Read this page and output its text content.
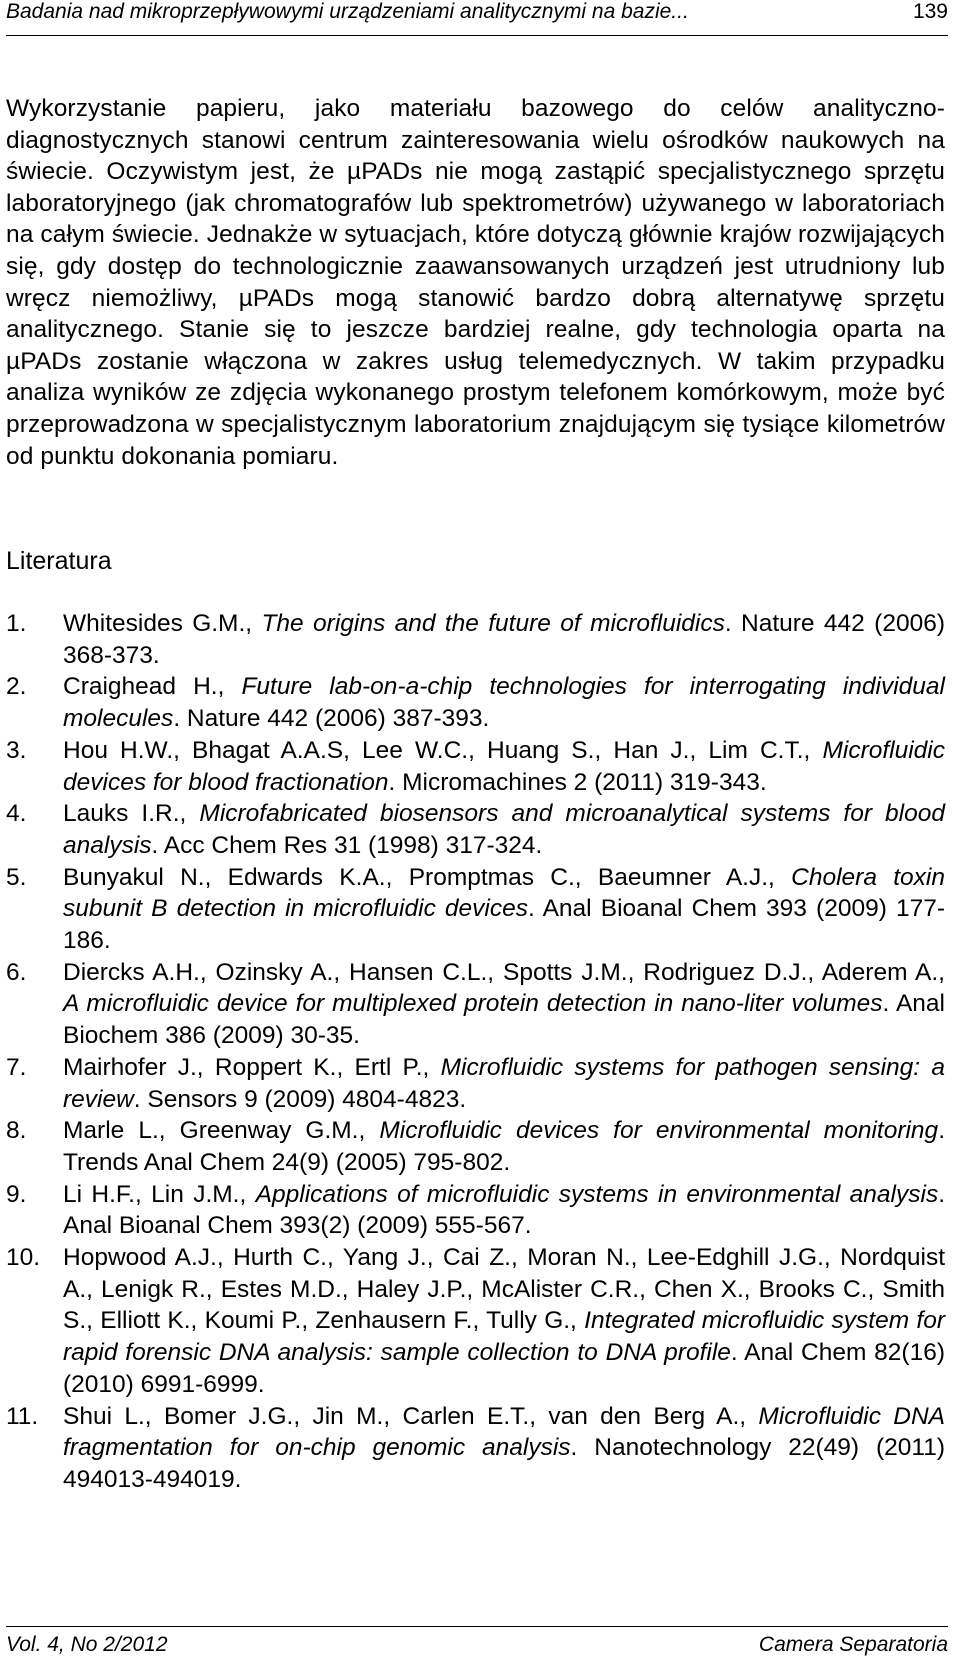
Badania nad mikroprzepływowymi urządzeniami analitycznymi na bazie...	139

Wykorzystanie papieru, jako materiału bazowego do celów analityczno-diagnostycznych stanowi centrum zainteresowania wielu ośrodków naukowych na świecie. Oczywistym jest, że µPADs nie mogą zastąpić specjalistycznego sprzętu laboratoryjnego (jak chromatografów lub spektrometrów) używanego w laboratoriach na całym świecie. Jednakże w sytuacjach, które dotyczą głównie krajów rozwijających się, gdy dostęp do technologicznie zaawansowanych urządzeń jest utrudniony lub wręcz niemożliwy, µPADs mogą stanowić bardzo dobrą alternatywę sprzętu analitycznego. Stanie się to jeszcze bardziej realne, gdy technologia oparta na µPADs zostanie włączona w zakres usług telemedycznych. W takim przypadku analiza wyników ze zdjęcia wykonanego prostym telefonem komórkowym, może być przeprowadzona w specjalistycznym laboratorium znajdującym się tysiące kilometrów od punktu dokonania pomiaru.

Literatura
1. Whitesides G.M., The origins and the future of microfluidics. Nature 442 (2006) 368-373.
2. Craighead H., Future lab-on-a-chip technologies for interrogating individual molecules. Nature 442 (2006) 387-393.
3. Hou H.W., Bhagat A.A.S, Lee W.C., Huang S., Han J., Lim C.T., Microfluidic devices for blood fractionation. Micromachines 2 (2011) 319-343.
4. Lauks I.R., Microfabricated biosensors and microanalytical systems for blood analysis. Acc Chem Res 31 (1998) 317-324.
5. Bunyakul N., Edwards K.A., Promptmas C., Baeumner A.J., Cholera toxin subunit B detection in microfluidic devices. Anal Bioanal Chem 393 (2009) 177-186.
6. Diercks A.H., Ozinsky A., Hansen C.L., Spotts J.M., Rodriguez D.J., Aderem A., A microfluidic device for multiplexed protein detection in nano-liter volumes. Anal Biochem 386 (2009) 30-35.
7. Mairhofer J., Roppert K., Ertl P., Microfluidic systems for pathogen sensing: a review. Sensors 9 (2009) 4804-4823.
8. Marle L., Greenway G.M., Microfluidic devices for environmental monitoring. Trends Anal Chem 24(9) (2005) 795-802.
9. Li H.F., Lin J.M., Applications of microfluidic systems in environmental analysis. Anal Bioanal Chem 393(2) (2009) 555-567.
10. Hopwood A.J., Hurth C., Yang J., Cai Z., Moran N., Lee-Edghill J.G., Nordquist A., Lenigk R., Estes M.D., Haley J.P., McAlister C.R., Chen X., Brooks C., Smith S., Elliott K., Koumi P., Zenhausern F., Tully G., Integrated microfluidic system for rapid forensic DNA analysis: sample collection to DNA profile. Anal Chem 82(16) (2010) 6991-6999.
11. Shui L., Bomer J.G., Jin M., Carlen E.T., van den Berg A., Microfluidic DNA fragmentation for on-chip genomic analysis. Nanotechnology 22(49) (2011) 494013-494019.
Vol. 4, No 2/2012	Camera Separatoria
